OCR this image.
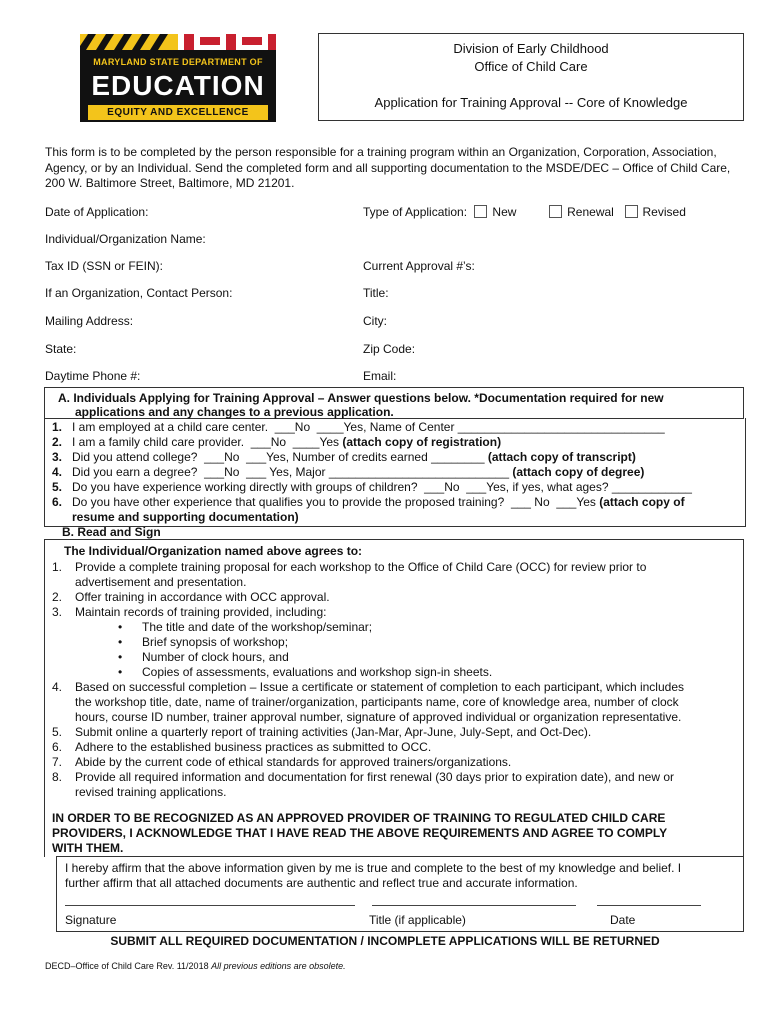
MARYLAND STATE DEPARTMENT OF
EDUCATION
EQUITY AND EXCELLENCE
Division of Early Childhood
Office of Child Care
Application for Training Approval -- Core of Knowledge
This form is to be completed by the person responsible for a training program within an Organization, Corporation, Association, Agency, or by an Individual. Send the completed form and all supporting documentation to the MSDE/DEC – Office of Child Care, 200 W. Baltimore Street, Baltimore, MD 21201.
Date of Application:	Type of Application: New	Renewal Revised
Individual/Organization Name:
Tax ID (SSN or FEIN):	Current Approval #’s:
If an Organization, Contact Person:	Title:
Mailing Address:	City:
State:	Zip Code:
Daytime Phone #:	Email:
A. Individuals Applying for Training Approval – Answer questions below. *Documentation required for new
applications and any changes to a previous application.
1. I am employed at a child care center.  ___No  ____Yes, Name of Center _______________________________
2. I am a family child care provider.  ___No  ____Yes (attach copy of registration)
3. Did you attend college?  ___No  ___Yes, Number of credits earned ________ (attach copy of transcript)
4. Did you earn a degree?  ___No  ___ Yes, Major ___________________________ (attach copy of degree)
5. Do you have experience working directly with groups of children?  ___No  ___Yes, if yes, what ages? ____________
6. Do you have other experience that qualifies you to provide the proposed training?  ___ No  ___Yes (attach copy of
resume and supporting documentation)
B. Read and Sign
The Individual/Organization named above agrees to:
1. Provide a complete training proposal for each workshop to the Office of Child Care (OCC) for review prior to
advertisement and presentation.
2. Offer training in accordance with OCC approval.
3. Maintain records of training provided, including:
• The title and date of the workshop/seminar;
• Brief synopsis of workshop;
• Number of clock hours, and
• Copies of assessments, evaluations and workshop sign-in sheets.
4. Based on successful completion – Issue a certificate or statement of completion to each participant, which includes
the workshop title, date, name of trainer/organization, participants name, core of knowledge area, number of clock
hours, course ID number, trainer approval number, signature of approved individual or organization representative.
5. Submit online a quarterly report of training activities (Jan-Mar, Apr-June, July-Sept, and Oct-Dec).
6. Adhere to the established business practices as submitted to OCC.
7. Abide by the current code of ethical standards for approved trainers/organizations.
8. Provide all required information and documentation for first renewal (30 days prior to expiration date), and new or
revised training applications.
IN ORDER TO BE RECOGNIZED AS AN APPROVED PROVIDER OF TRAINING TO REGULATED CHILD CARE
PROVIDERS, I ACKNOWLEDGE THAT I HAVE READ THE ABOVE REQUIREMENTS AND AGREE TO COMPLY
WITH THEM.
I hereby affirm that the above information given by me is true and complete to the best of my knowledge and belief. I
further affirm that all attached documents are authentic and reflect true and accurate information.
Signature	Title (if applicable)	Date
SUBMIT ALL REQUIRED DOCUMENTATION / INCOMPLETE APPLICATIONS WILL BE RETURNED
DECD–Office of Child Care Rev. 11/2018 All previous editions are obsolete.
